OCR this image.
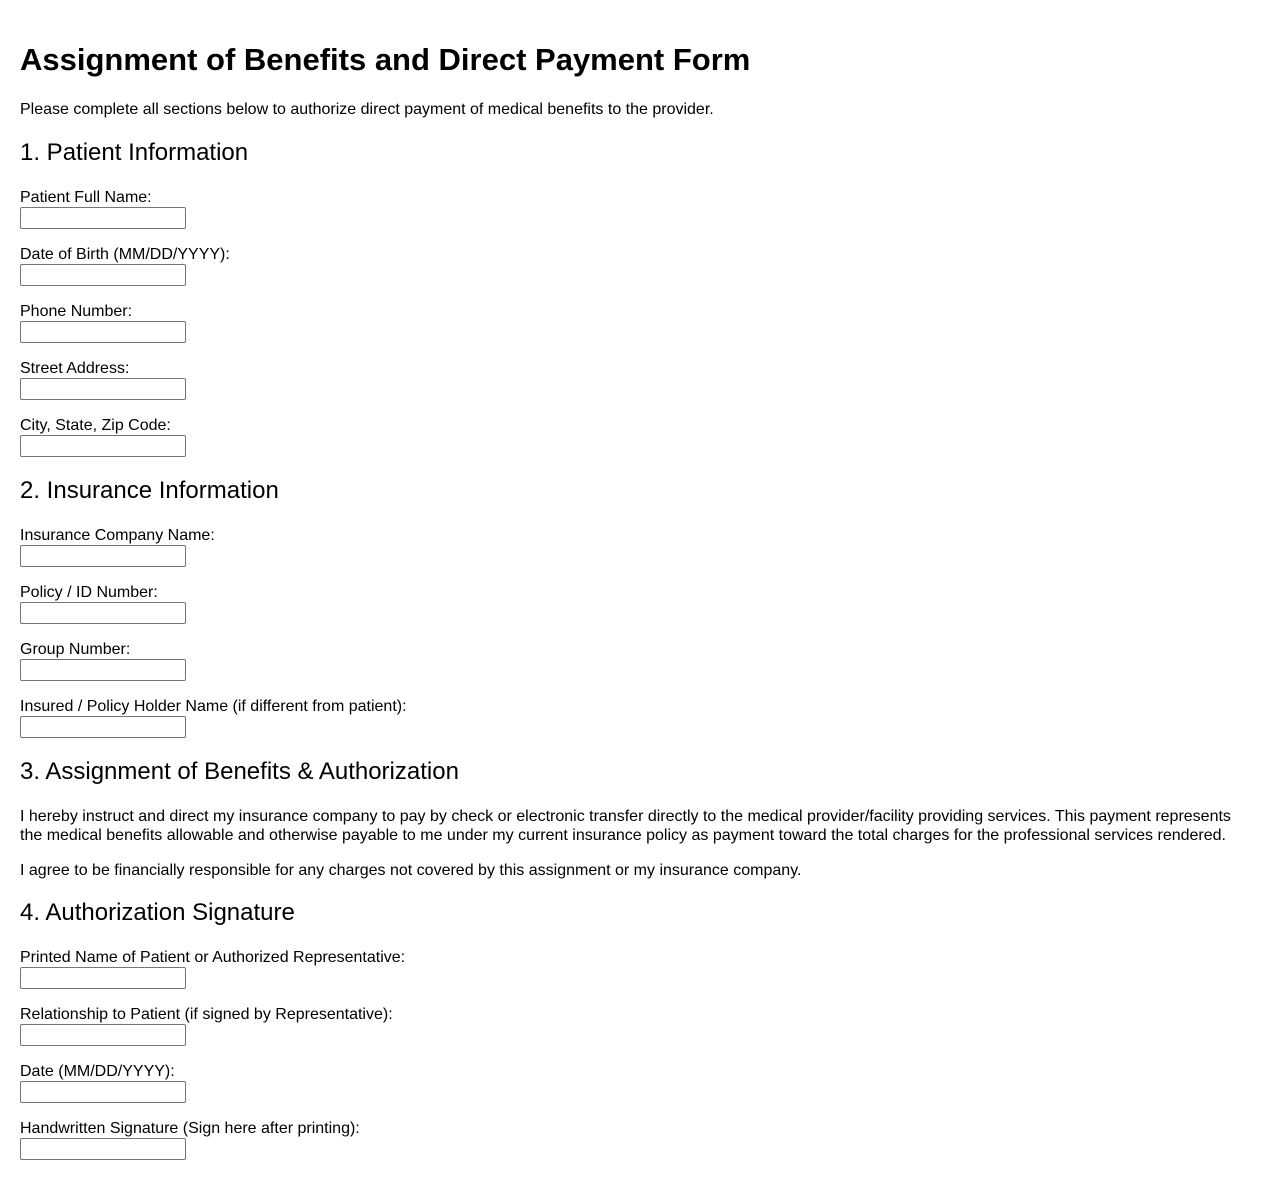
Assignment of Benefits and Direct Payment Form

Please complete all sections below to authorize direct payment of medical benefits to the provider.

1. Patient Information
Patient Full Name:
Date of Birth (MM/DD/YYYY):
Phone Number:
Street Address:
City, State, Zip Code:
2. Insurance Information
Insurance Company Name:
Policy / ID Number:
Group Number:
Insured / Policy Holder Name (if different from patient):
3. Assignment of Benefits & Authorization

I hereby instruct and direct my insurance company to pay by check or electronic transfer directly to the medical provider/facility providing services. This payment represents the medical benefits allowable and otherwise payable to me under my current insurance policy as payment toward the total charges for the professional services rendered.

I agree to be financially responsible for any charges not covered by this assignment or my insurance company.

4. Authorization Signature
Printed Name of Patient or Authorized Representative:
Relationship to Patient (if signed by Representative):
Date (MM/DD/YYYY):
Handwritten Signature (Sign here after printing):
